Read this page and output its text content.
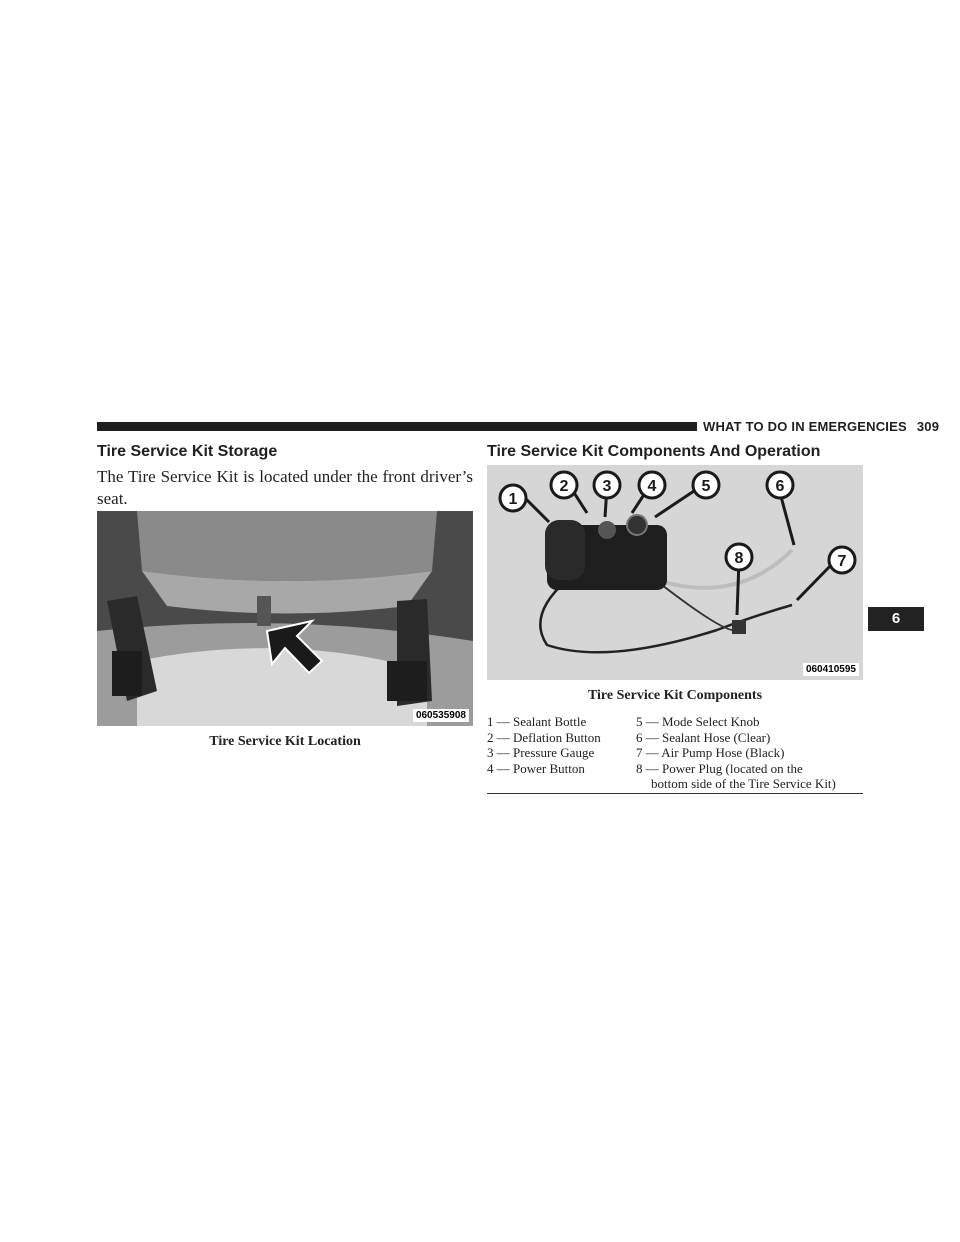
WHAT TO DO IN EMERGENCIES 309
Tire Service Kit Storage
The Tire Service Kit is located under the front driver’s seat.
060535908
Tire Service Kit Location
Tire Service Kit Components And Operation
1
2 3 4	5	6
7
8
060410595
Tire Service Kit Components
1 — Sealant Bottle
2 — Deflation Button
3 — Pressure Gauge
4 — Power Button
5 — Mode Select Knob
6 — Sealant Hose (Clear)
7 — Air Pump Hose (Black)
8 — Power Plug (located on the
bottom side of the Tire Service Kit)
6
